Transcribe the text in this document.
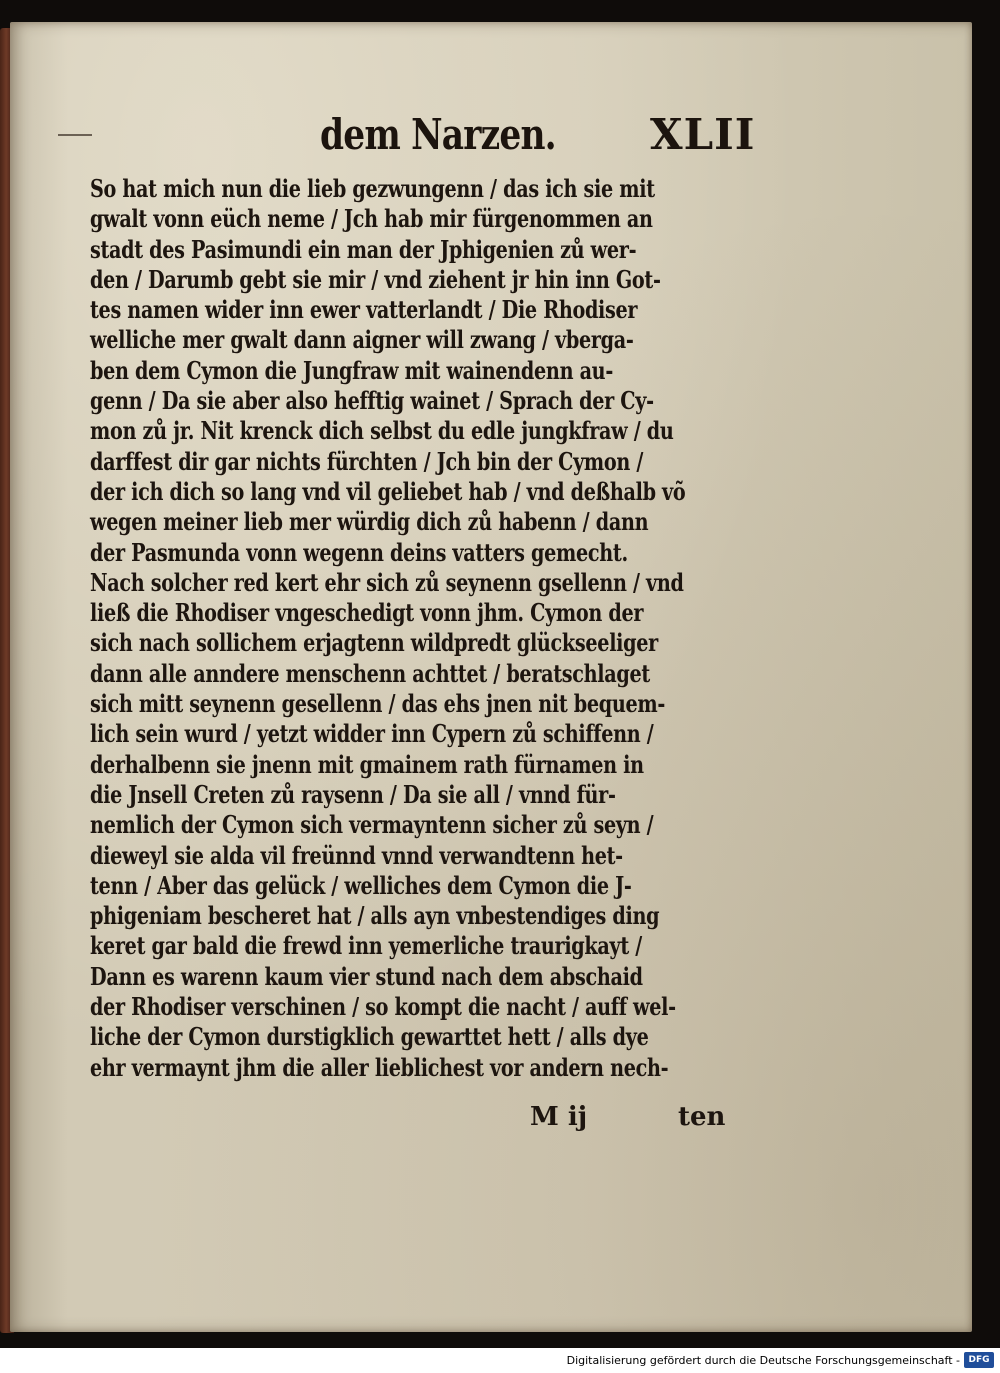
dem Narzen. XLII
So hat mich nun die lieb gezwungenn / das ich sie mit
gwalt vonn eüch neme / Jch hab mir fürgenommen an
stadt des Pasimundi ein man der Jphigenien zů wer-
den / Darumb gebt sie mir / vnd ziehent jr hin inn Got-
tes namen wider inn ewer vatterlandt / Die Rhodiser
welliche mer gwalt dann aigner will zwang / vberga-
ben dem Cymon die Jungfraw mit wainendenn au-
genn / Da sie aber also hefftig wainet / Sprach der Cy-
mon zů jr. Nit krenck dich selbst du edle jungkfraw / du
darffest dir gar nichts fürchten / Jch bin der Cymon /
der ich dich so lang vnd vil geliebet hab / vnd deßhalb võ
wegen meiner lieb mer würdig dich zů habenn / dann
der Pasmunda vonn wegenn deins vatters gemecht.
Nach solcher red kert ehr sich zů seynenn gsellenn / vnd
ließ die Rhodiser vngeschedigt vonn jhm. Cymon der
sich nach sollichem erjagtenn wildpredt glückseeliger
dann alle anndere menschenn achttet / beratschlaget
sich mitt seynenn gesellenn / das ehs jnen nit bequem-
lich sein wurd / yetzt widder inn Cypern zů schiffenn /
derhalbenn sie jnenn mit gmainem rath fürnamen in
die Jnsell Creten zů raysenn / Da sie all / vnnd für-
nemlich der Cymon sich vermayntenn sicher zů seyn /
dieweyl sie alda vil freünnd vnnd verwandtenn het-
tenn / Aber das gelück / welliches dem Cymon die J-
phigeniam bescheret hat / alls ayn vnbestendiges ding
keret gar bald die frewd inn yemerliche traurigkayt /
Dann es warenn kaum vier stund nach dem abschaid
der Rhodiser verschinen / so kompt die nacht / auff wel-
liche der Cymon durstigklich gewarttet hett / alls dye
ehr vermaynt jhm die aller lieblichest vor andern nech-
M ij	ten
Digitalisierung gefördert durch die Deutsche Forschungsgemeinschaft - DFG
